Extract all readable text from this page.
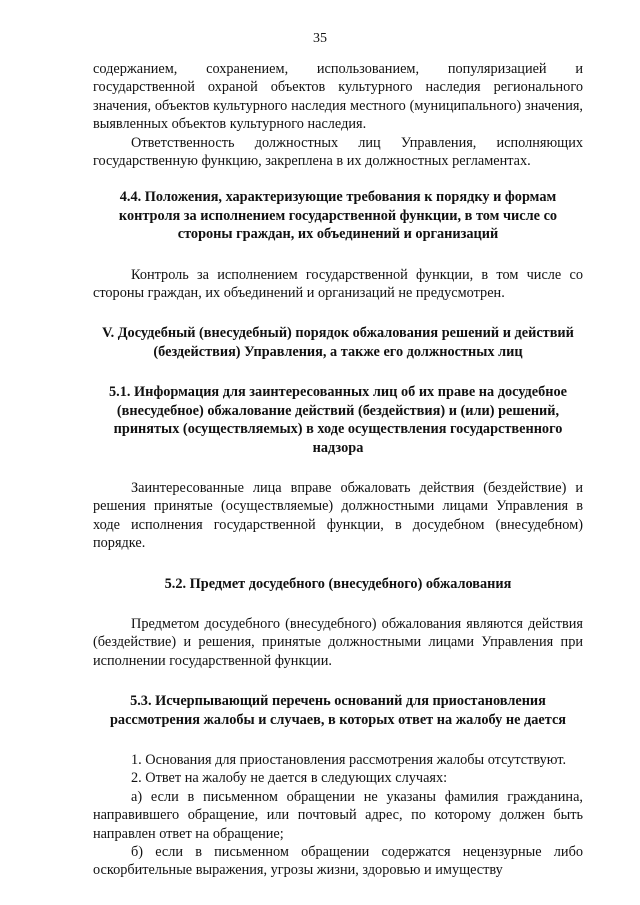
35

содержанием, сохранением, использованием, популяризацией и государственной охраной объектов культурного наследия регионального значения, объектов культурного наследия местного (муниципального) значения, выявленных объектов культурного наследия.

Ответственность должностных лиц Управления, исполняющих государственную функцию, закреплена в их должностных регламентах.

4.4. Положения, характеризующие требования к порядку и формам контроля за исполнением государственной функции, в том числе со стороны граждан, их объединений и организаций

Контроль за исполнением государственной функции, в том числе со стороны граждан, их объединений и организаций не предусмотрен.

V. Досудебный (внесудебный) порядок обжалования решений и действий (бездействия) Управления, а также его должностных лиц

5.1. Информация для заинтересованных лиц об их праве на досудебное (внесудебное) обжалование действий (бездействия) и (или) решений, принятых (осуществляемых) в ходе осуществления государственного надзора

Заинтересованные лица вправе обжаловать действия (бездействие) и решения принятые (осуществляемые) должностными лицами Управления в ходе исполнения государственной функции, в досудебном (внесудебном) порядке.

5.2. Предмет досудебного (внесудебного) обжалования

Предметом досудебного (внесудебного) обжалования являются действия (бездействие) и решения, принятые должностными лицами Управления при исполнении государственной функции.

5.3. Исчерпывающий перечень оснований для приостановления рассмотрения жалобы и случаев, в которых ответ на жалобу не дается

1. Основания для приостановления рассмотрения жалобы отсутствуют.

2. Ответ на жалобу не дается в следующих случаях:

а) если в письменном обращении не указаны фамилия гражданина, направившего обращение, или почтовый адрес, по которому должен быть направлен ответ на обращение;

б) если в письменном обращении содержатся нецензурные либо оскорбительные выражения, угрозы жизни, здоровью и имуществу
